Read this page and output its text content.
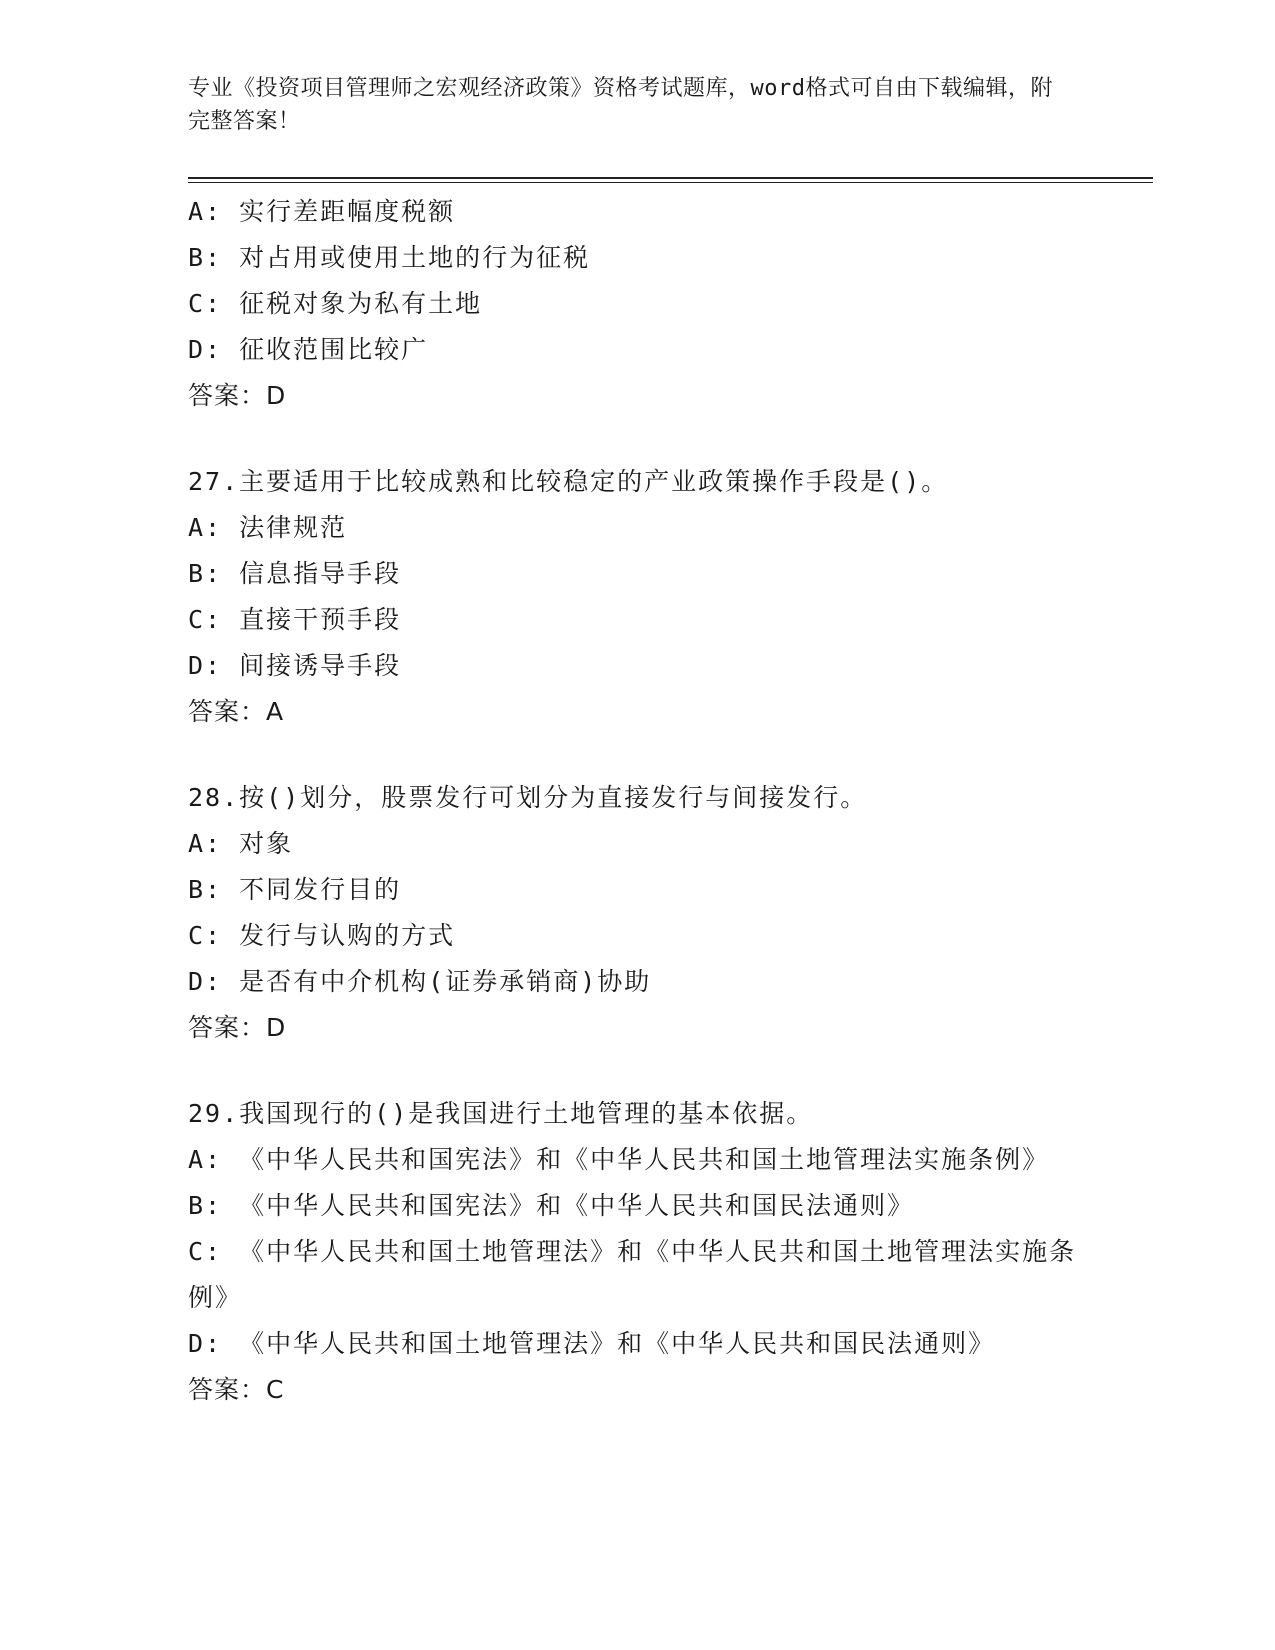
专业《投资项目管理师之宏观经济政策》资格考试题库，word格式可自由下载编辑，附完整答案！

A: 实行差距幅度税额

B: 对占用或使用土地的行为征税

C: 征税对象为私有土地

D: 征收范围比较广

答案：D

27.主要适用于比较成熟和比较稳定的产业政策操作手段是()。

A: 法律规范

B: 信息指导手段

C: 直接干预手段

D: 间接诱导手段

答案：A

28.按()划分，股票发行可划分为直接发行与间接发行。

A: 对象

B: 不同发行目的

C: 发行与认购的方式

D: 是否有中介机构(证券承销商)协助

答案：D

29.我国现行的()是我国进行土地管理的基本依据。

A: 《中华人民共和国宪法》和《中华人民共和国土地管理法实施条例》

B: 《中华人民共和国宪法》和《中华人民共和国民法通则》

C: 《中华人民共和国土地管理法》和《中华人民共和国土地管理法实施条例》

D: 《中华人民共和国土地管理法》和《中华人民共和国民法通则》

答案：C
